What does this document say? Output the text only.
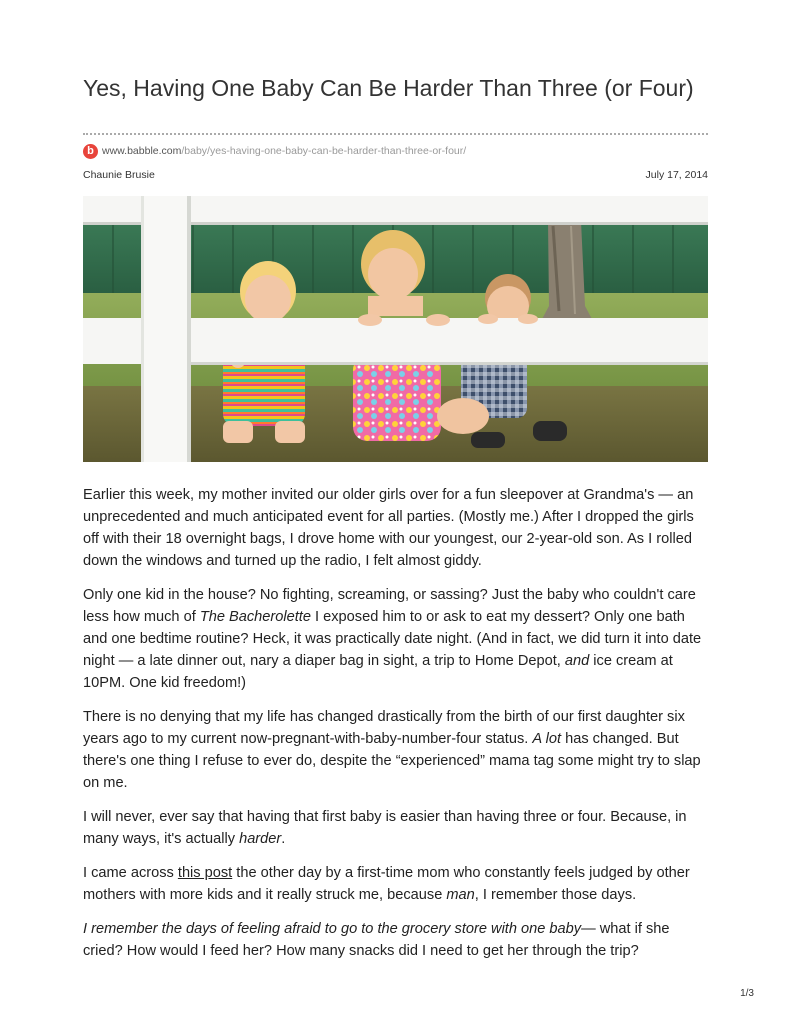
Yes, Having One Baby Can Be Harder Than Three (or Four)
b www.babble.com/baby/yes-having-one-baby-can-be-harder-than-three-or-four/
Chaunie Brusie	July 17, 2014

Earlier this week, my mother invited our older girls over for a fun sleepover at Grandma's — an unprecedented and much anticipated event for all parties. (Mostly me.) After I dropped the girls off with their 18 overnight bags, I drove home with our youngest, our 2-year-old son. As I rolled down the windows and turned up the radio, I felt almost giddy.

Only one kid in the house? No fighting, screaming, or sassing? Just the baby who couldn't care less how much of The Bacherolette I exposed him to or ask to eat my dessert? Only one bath and one bedtime routine? Heck, it was practically date night. (And in fact, we did turn it into date night — a late dinner out, nary a diaper bag in sight, a trip to Home Depot, and ice cream at 10PM. One kid freedom!)

There is no denying that my life has changed drastically from the birth of our first daughter six years ago to my current now-pregnant-with-baby-number-four status. A lot has changed. But there's one thing I refuse to ever do, despite the “experienced” mama tag some might try to slap on me.

I will never, ever say that having that first baby is easier than having three or four. Because, in many ways, it's actually harder.

I came across this post the other day by a first-time mom who constantly feels judged by other mothers with more kids and it really struck me, because man, I remember those days.

I remember the days of feeling afraid to go to the grocery store with one baby— what if she cried? How would I feed her? How many snacks did I need to get her through the trip?

1/3
